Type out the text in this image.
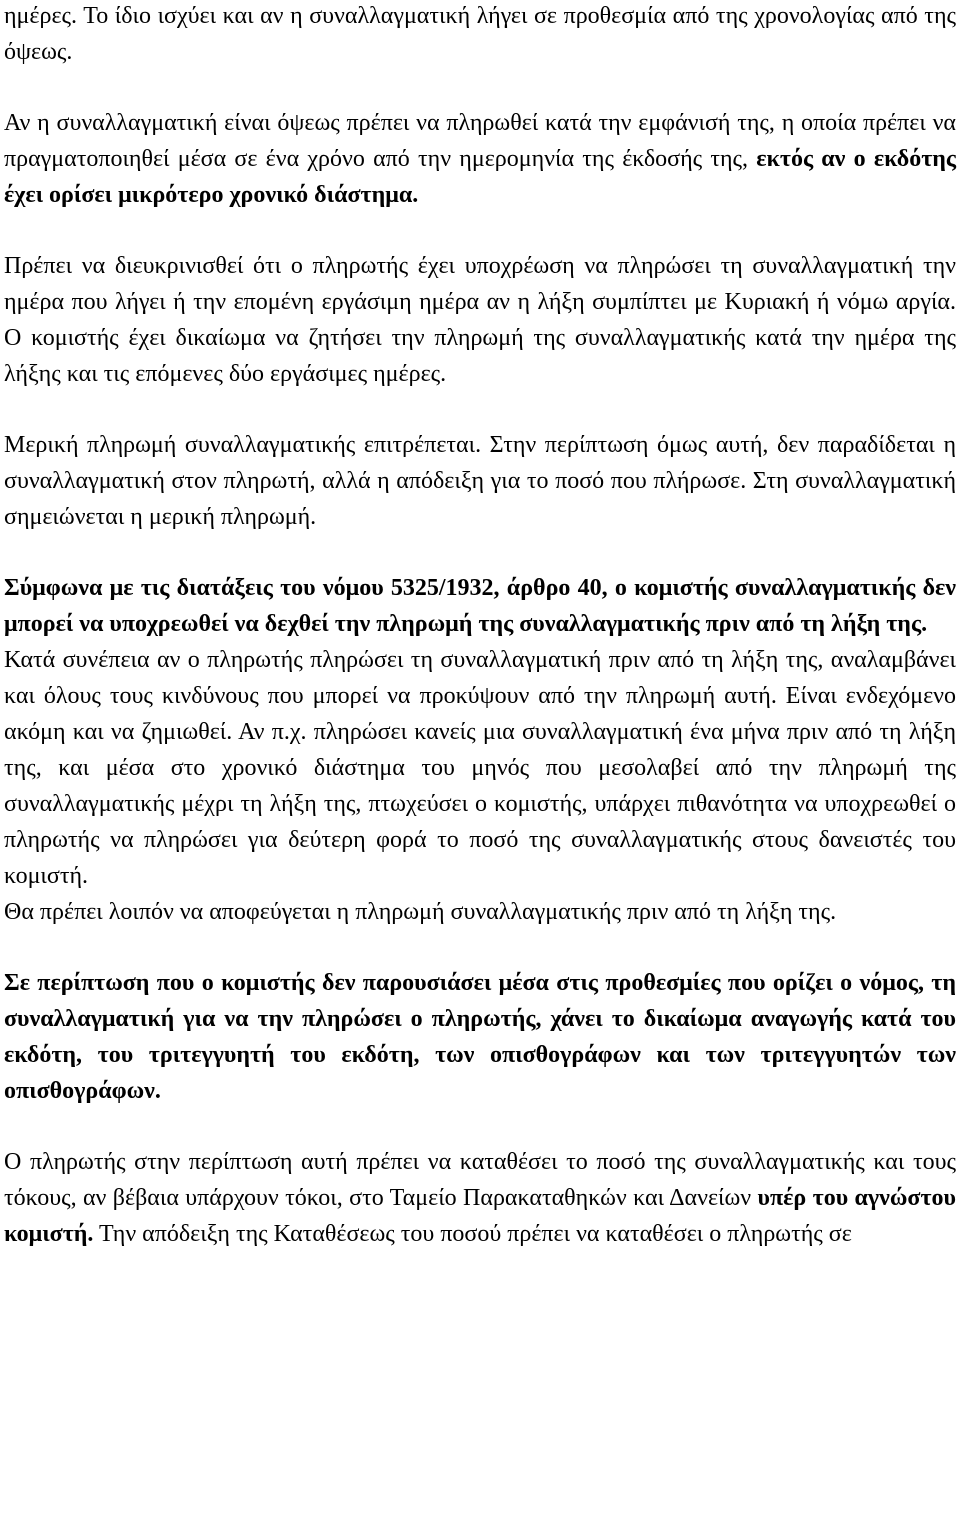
ημέρες. Το ίδιο ισχύει και αν η συναλλαγματική λήγει σε προθεσμία από της χρονολογίας από της όψεως.

Αν η συναλλαγματική είναι όψεως πρέπει να πληρωθεί κατά την εμφάνισή της, η οποία πρέπει να πραγματοποιηθεί μέσα σε ένα χρόνο από την ημερομηνία της έκδοσής της, εκτός αν ο εκδότης έχει ορίσει μικρότερο χρονικό διάστημα.

Πρέπει να διευκρινισθεί ότι ο πληρωτής έχει υποχρέωση να πληρώσει τη συναλλαγματική την ημέρα που λήγει ή την επομένη εργάσιμη ημέρα αν η λήξη συμπίπτει με Κυριακή ή νόμω αργία. Ο κομιστής έχει δικαίωμα να ζητήσει την πληρωμή της συναλλαγματικής κατά την ημέρα της λήξης και τις επόμενες δύο εργάσιμες ημέρες.

Μερική πληρωμή συναλλαγματικής επιτρέπεται. Στην περίπτωση όμως αυτή, δεν παραδίδεται η συναλλαγματική στον πληρωτή, αλλά η απόδειξη για το ποσό που πλήρωσε. Στη συναλλαγματική σημειώνεται η μερική πληρωμή.

Σύμφωνα με τις διατάξεις του νόμου 5325/1932, άρθρο 40, ο κομιστής συναλλαγματικής δεν μπορεί να υποχρεωθεί να δεχθεί την πληρωμή της συναλλαγματικής πριν από τη λήξη της.

Κατά συνέπεια αν ο πληρωτής πληρώσει τη συναλλαγματική πριν από τη λήξη της, αναλαμβάνει και όλους τους κινδύνους που μπορεί να προκύψουν από την πληρωμή αυτή. Είναι ενδεχόμενο ακόμη και να ζημιωθεί. Αν π.χ. πληρώσει κανείς μια συναλλαγματική ένα μήνα πριν από τη λήξη της, και μέσα στο χρονικό διάστημα του μηνός που μεσολαβεί από την πληρωμή της συναλλαγματικής μέχρι τη λήξη της, πτωχεύσει ο κομιστής, υπάρχει πιθανότητα να υποχρεωθεί ο πληρωτής να πληρώσει για δεύτερη φορά το ποσό της συναλλαγματικής στους δανειστές του κομιστή.

Θα πρέπει λοιπόν να αποφεύγεται η πληρωμή συναλλαγματικής πριν από τη λήξη της.

Σε περίπτωση που ο κομιστής δεν παρουσιάσει μέσα στις προθεσμίες που ορίζει ο νόμος, τη συναλλαγματική για να την πληρώσει ο πληρωτής, χάνει το δικαίωμα αναγωγής κατά του εκδότη, του τριτεγγυητή του εκδότη, των οπισθογράφων και των τριτεγγυητών των οπισθογράφων.

Ο πληρωτής στην περίπτωση αυτή πρέπει να καταθέσει το ποσό της συναλλαγματικής και τους τόκους, αν βέβαια υπάρχουν τόκοι, στο Ταμείο Παρακαταθηκών και Δανείων υπέρ του αγνώστου κομιστή. Την απόδειξη της Καταθέσεως του ποσού πρέπει να καταθέσει ο πληρωτής σε
